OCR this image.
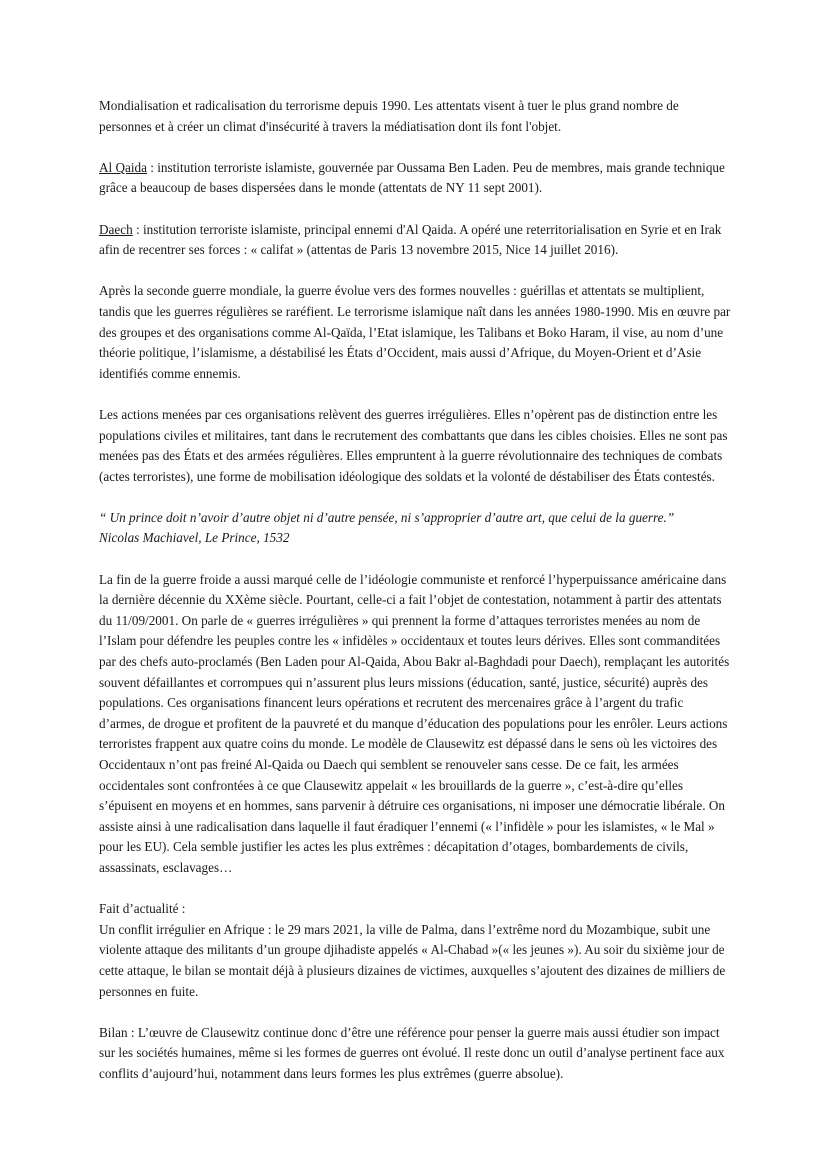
Mondialisation et radicalisation du terrorisme depuis 1990. Les attentats visent à tuer le plus grand nombre de personnes et à créer un climat d'insécurité à travers la médiatisation dont ils font l'objet.

Al Qaida : institution terroriste islamiste, gouvernée par Oussama Ben Laden. Peu de membres, mais grande technique grâce a beaucoup de bases dispersées dans le monde (attentats de NY 11 sept 2001).

Daech : institution terroriste islamiste, principal ennemi d'Al Qaida. A opéré une reterritorialisation en Syrie et en Irak afin de recentrer ses forces : « califat » (attentas de Paris 13 novembre 2015, Nice 14 juillet 2016).

Après la seconde guerre mondiale, la guerre évolue vers des formes nouvelles : guérillas et attentats se multiplient, tandis que les guerres régulières se raréfient. Le terrorisme islamique naît dans les années 1980-1990. Mis en œuvre par des groupes et des organisations comme Al-Qaïda, l’Etat islamique, les Talibans et Boko Haram, il vise, au nom d’une théorie politique, l’islamisme, a déstabilisé les États d’Occident, mais aussi d’Afrique, du Moyen-Orient et d’Asie identifiés comme ennemis.

Les actions menées par ces organisations relèvent des guerres irrégulières. Elles n’opèrent pas de distinction entre les populations civiles et militaires, tant dans le recrutement des combattants que dans les cibles choisies. Elles ne sont pas menées pas des États et des armées régulières. Elles empruntent à la guerre révolutionnaire des techniques de combats (actes terroristes), une forme de mobilisation idéologique des soldats et la volonté de déstabiliser des États contestés.

“ Un prince doit n’avoir d’autre objet ni d’autre pensée, ni s’approprier d’autre art, que celui de la guerre.”
Nicolas Machiavel, Le Prince, 1532

La fin de la guerre froide a aussi marqué celle de l’idéologie communiste et renforcé l’hyperpuissance américaine dans la dernière décennie du XXème siècle. Pourtant, celle-ci a fait l’objet de contestation, notamment à partir des attentats du 11/09/2001. On parle de « guerres irrégulières » qui prennent la forme d’attaques terroristes menées au nom de l’Islam pour défendre les peuples contre les « infidèles » occidentaux et toutes leurs dérives. Elles sont commanditées par des chefs auto-proclamés (Ben Laden pour Al-Qaida, Abou Bakr al-Baghdadi pour Daech), remplaçant les autorités souvent défaillantes et corrompues qui n’assurent plus leurs missions (éducation, santé, justice, sécurité) auprès des populations. Ces organisations financent leurs opérations et recrutent des mercenaires grâce à l’argent du trafic d’armes, de drogue et profitent de la pauvreté et du manque d’éducation des populations pour les enrôler. Leurs actions terroristes frappent aux quatre coins du monde. Le modèle de Clausewitz est dépassé dans le sens où les victoires des Occidentaux n’ont pas freiné Al-Qaida ou Daech qui semblent se renouveler sans cesse. De ce fait, les armées occidentales sont confrontées à ce que Clausewitz appelait « les brouillards de la guerre », c’est-à-dire qu’elles s’épuisent en moyens et en hommes, sans parvenir à détruire ces organisations, ni imposer une démocratie libérale. On assiste ainsi à une radicalisation dans laquelle il faut éradiquer l’ennemi (« l’infidèle » pour les islamistes, « le Mal » pour les EU). Cela semble justifier les actes les plus extrêmes : décapitation d’otages, bombardements de civils, assassinats, esclavages…

Fait d’actualité :
Un conflit irrégulier en Afrique : le 29 mars 2021, la ville de Palma, dans l’extrême nord du Mozambique, subit une violente attaque des militants d’un groupe djihadiste appelés « Al-Chabad »(« les jeunes »). Au soir du sixième jour de cette attaque, le bilan se montait déjà à plusieurs dizaines de victimes, auxquelles s’ajoutent des dizaines de milliers de personnes en fuite.

Bilan : L’œuvre de Clausewitz continue donc d’être une référence pour penser la guerre mais aussi étudier son impact sur les sociétés humaines, même si les formes de guerres ont évolué. Il reste donc un outil d’analyse pertinent face aux conflits d’aujourd’hui, notamment dans leurs formes les plus extrêmes (guerre absolue).
